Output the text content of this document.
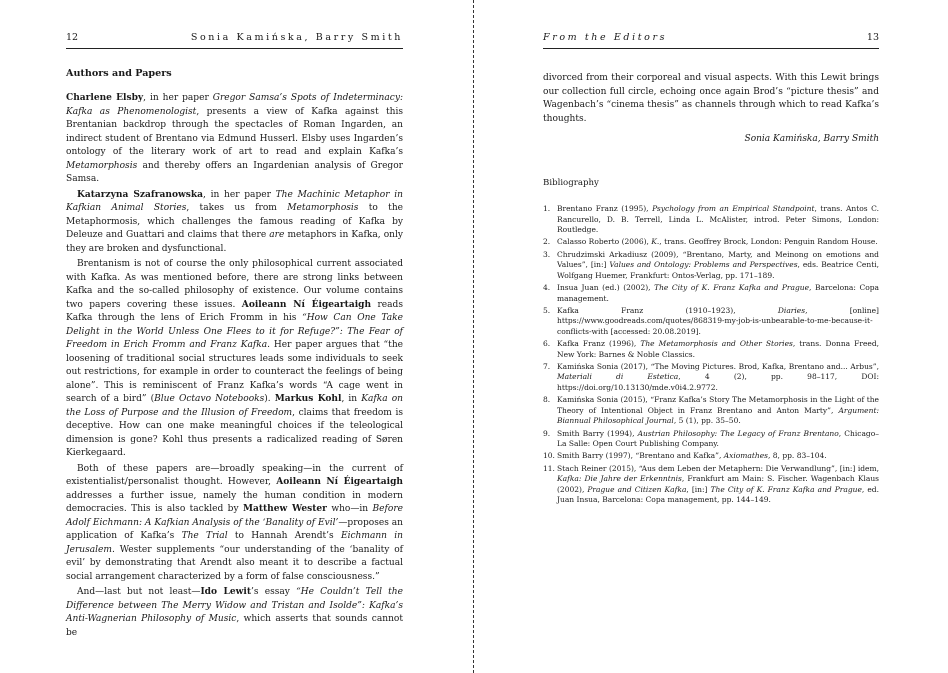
12	Sonia Kamińska, Barry Smith
Authors and Papers

Charlene Elsby, in her paper Gregor Samsa’s Spots of Indeterminacy: Kafka as Phenomenologist, presents a view of Kafka against this Brentanian backdrop through the spectacles of Roman Ingarden, an indirect student of Brentano via Edmund Husserl. Elsby uses Ingarden’s ontology of the literary work of art to read and explain Kafka’s Metamorphosis and thereby offers an Ingardenian analysis of Gregor Samsa.

Katarzyna Szafranowska, in her paper The Machinic Metaphor in Kafkian Animal Stories, takes us from Metamorphosis to the Metaphormosis, which challenges the famous reading of Kafka by Deleuze and Guattari and claims that there are metaphors in Kafka, only they are broken and dysfunctional.

Brentanism is not of course the only philosophical current associated with Kafka. As was mentioned before, there are strong links between Kafka and the so-called philosophy of existence. Our volume contains two papers covering these issues. Aoileann Ní Éigeartaigh reads Kafka through the lens of Erich Fromm in his “How Can One Take Delight in the World Unless One Flees to it for Refuge?”: The Fear of Freedom in Erich Fromm and Franz Kafka. Her paper argues that “the loosening of traditional social structures leads some individuals to seek out restrictions, for example in order to counteract the feelings of being alone”. This is reminiscent of Franz Kafka’s words “A cage went in search of a bird” (Blue Octavo Notebooks). Markus Kohl, in Kafka on the Loss of Purpose and the Illusion of Freedom, claims that freedom is deceptive. How can one make meaningful choices if the teleological dimension is gone? Kohl thus presents a radicalized reading of Søren Kierkegaard.

Both of these papers are—broadly speaking—in the current of existentialist/personalist thought. However, Aoileann Ní Éigeartaigh addresses a further issue, namely the human condition in modern democracies. This is also tackled by Matthew Wester who—in Before Adolf Eichmann: A Kafkian Analysis of the ‘Banality of Evil’—proposes an application of Kafka’s The Trial to Hannah Arendt’s Eichmann in Jerusalem. Wester supplements “our understanding of the ‘banality of evil’ by demonstrating that Arendt also meant it to describe a factual social arrangement characterized by a form of false consciousness.”

And—last but not least—Ido Lewit’s essay “He Couldn’t Tell the Difference between The Merry Widow and Tristan and Isolde”: Kafka’s Anti-Wagnerian Philosophy of Music, which asserts that sounds cannot be

From the Editors	13
divorced from their corporeal and visual aspects. With this Lewit brings our collection full circle, echoing once again Brod’s “picture thesis” and Wagenbach’s “cinema thesis” as channels through which to read Kafka’s thoughts.
Sonia Kamińska, Barry Smith
Bibliography
1. Brentano Franz (1995), Psychology from an Empirical Standpoint, trans. Antos C. Rancurello, D. B. Terrell, Linda L. McAlister, introd. Peter Simons, London: Routledge.
2. Calasso Roberto (2006), K., trans. Geoffrey Brock, London: Penguin Random House.
3. Chrudzimski Arkadiusz (2009), “Brentano, Marty, and Meinong on emotions and Values”, [in:] Values and Ontology: Problems and Perspectives, eds. Beatrice Centi, Wolfgang Huemer, Frankfurt: Ontos-Verlag, pp. 171–189.
4. Insua Juan (ed.) (2002), The City of K. Franz Kafka and Prague, Barcelona: Copa management.
5. Kafka Franz (1910–1923), Diaries, [online] https://www.goodreads.com/quotes/868319-my-job-is-unbearable-to-me-because-it-conflicts-with [accessed: 20.08.2019].
6. Kafka Franz (1996), The Metamorphosis and Other Stories, trans. Donna Freed, New York: Barnes & Noble Classics.
7. Kamińska Sonia (2017), “The Moving Pictures. Brod, Kafka, Brentano and... Arbus”, Materiali di Estetica, 4 (2), pp. 98–117, DOI: https://doi.org/10.13130/mde.v0i4.2.9772.
8. Kamińska Sonia (2015), “Franz Kafka’s Story The Metamorphosis in the Light of the Theory of Intentional Object in Franz Brentano and Anton Marty”, Argument: Biannual Philosophical Journal, 5 (1), pp. 35–50.
9. Smith Barry (1994), Austrian Philosophy: The Legacy of Franz Brentano, Chicago–La Salle: Open Court Publishing Company.
10. Smith Barry (1997), “Brentano and Kafka”, Axiomathes, 8, pp. 83–104.
11. Stach Reiner (2015), “Aus dem Leben der Metaphern: Die Verwandlung”, [in:] idem, Kafka: Die Jahre der Erkenntnis, Frankfurt am Main: S. Fischer. Wagenbach Klaus (2002), Prague and Citizen Kafka, [in:] The City of K. Franz Kafka and Prague, ed. Juan Insua, Barcelona: Copa management, pp. 144–149.
